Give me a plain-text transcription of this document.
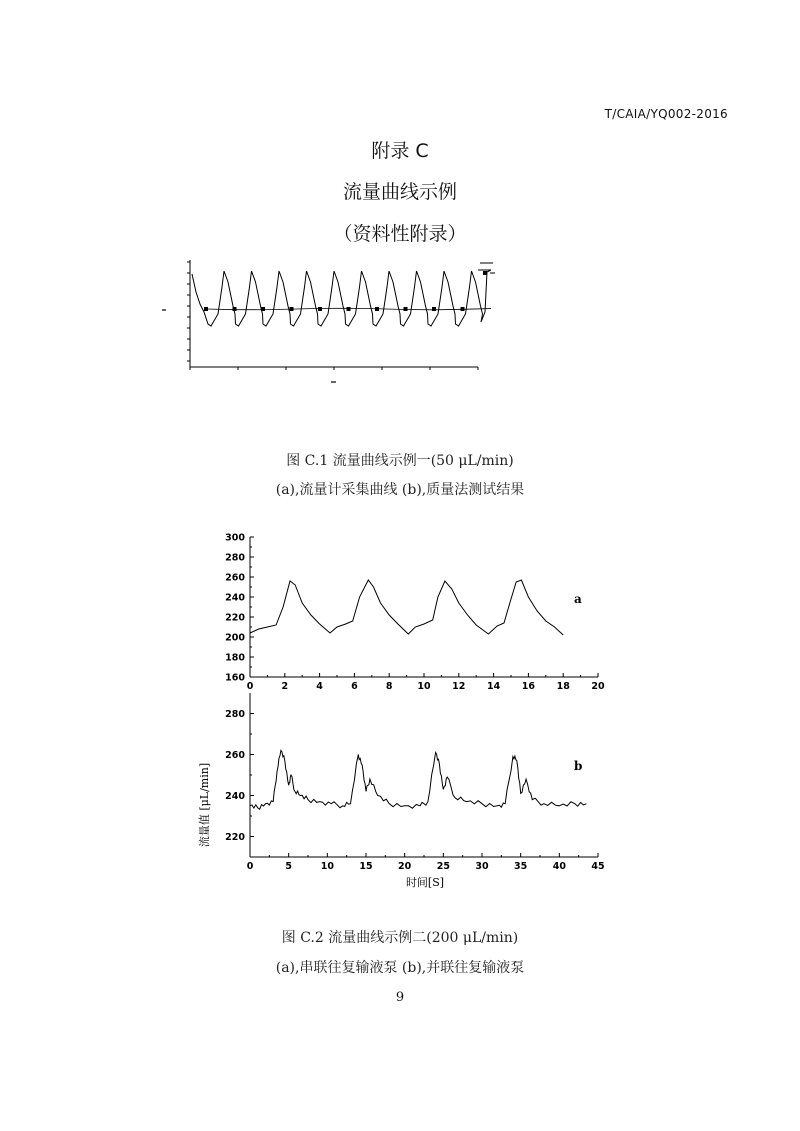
T/CAIA/YQ002-2016
附录 C
流量曲线示例
（资料性附录）
图 C.1 流量曲线示例一(50 μL/min)
(a),流量计采集曲线 (b),质量法测试结果
160
180
200
220
240
260
280
300
0	2	4	6	8	10 12 14 16 18 20
a
220
240
260
280
0	5	10	15	20	25	30	35	40	45
b
流量值 [μL/min]
时间[S]
图 C.2 流量曲线示例二(200 μL/min)
(a),串联往复输液泵 (b),并联往复输液泵
9
